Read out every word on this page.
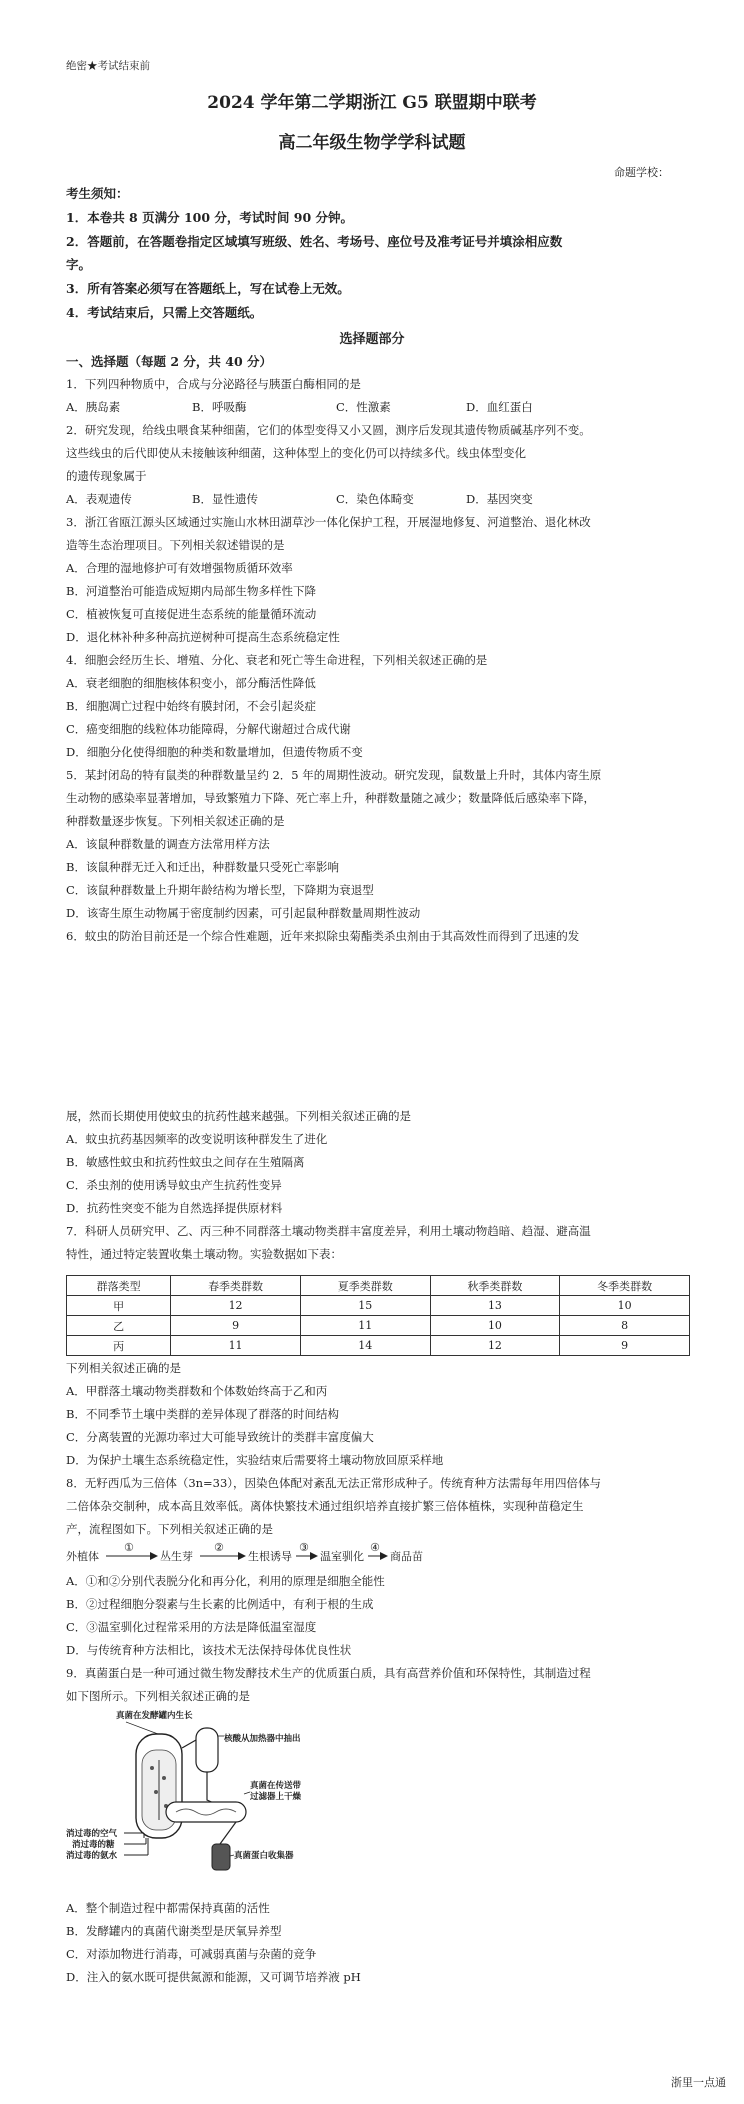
绝密★考试结束前
2024 学年第二学期浙江 G5 联盟期中联考
高二年级生物学学科试题
命题学校：
考生须知：
1．本卷共 8 页满分 100 分，考试时间 90 分钟。
2．答题前，在答题卷指定区域填写班级、姓名、考场号、座位号及准考证号并填涂相应数
字。
3．所有答案必须写在答题纸上，写在试卷上无效。
4．考试结束后，只需上交答题纸。
选择题部分
一、选择题（每题 2 分，共 40 分）
1．下列四种物质中，合成与分泌路径与胰蛋白酶相同的是
A．胰岛素	B．呼吸酶	C．性激素	D．血红蛋白
2．研究发现，给线虫喂食某种细菌，它们的体型变得又小又圆，测序后发现其遗传物质碱基序列不变。
这些线虫的后代即使从未接触该种细菌，这种体型上的变化仍可以持续多代。线虫体型变化
的遗传现象属于
A．表观遗传	B．显性遗传	C．染色体畸变	D．基因突变
3．浙江省瓯江源头区域通过实施山水林田湖草沙一体化保护工程，开展湿地修复、河道整治、退化林改
造等生态治理项目。下列相关叙述错误的是
A．合理的湿地修护可有效增强物质循环效率
B．河道整治可能造成短期内局部生物多样性下降
C．植被恢复可直接促进生态系统的能量循环流动
D．退化林补种多种高抗逆树种可提高生态系统稳定性
4．细胞会经历生长、增殖、分化、衰老和死亡等生命进程，下列相关叙述正确的是
A．衰老细胞的细胞核体积变小，部分酶活性降低
B．细胞凋亡过程中始终有膜封闭，不会引起炎症
C．癌变细胞的线粒体功能障碍，分解代谢超过合成代谢
D．细胞分化使得细胞的种类和数量增加，但遗传物质不变
5．某封闭岛的特有鼠类的种群数量呈约 2．5 年的周期性波动。研究发现，鼠数量上升时，其体内寄生原
生动物的感染率显著增加，导致繁殖力下降、死亡率上升，种群数量随之减少；数量降低后感染率下降，
种群数量逐步恢复。下列相关叙述正确的是
A．该鼠种群数量的调查方法常用样方法
B．该鼠种群无迁入和迁出，种群数量只受死亡率影响
C．该鼠种群数量上升期年龄结构为增长型，下降期为衰退型
D．该寄生原生动物属于密度制约因素，可引起鼠种群数量周期性波动
6．蚊虫的防治目前还是一个综合性难题，近年来拟除虫菊酯类杀虫剂由于其高效性而得到了迅速的发
展，然而长期使用使蚊虫的抗药性越来越强。下列相关叙述正确的是
A．蚊虫抗药基因频率的改变说明该种群发生了进化
B．敏感性蚊虫和抗药性蚊虫之间存在生殖隔离
C．杀虫剂的使用诱导蚊虫产生抗药性变异
D．抗药性突变不能为自然选择提供原材料
7．科研人员研究甲、乙、丙三种不同群落土壤动物类群丰富度差异，利用土壤动物趋暗、趋湿、避高温
特性，通过特定装置收集土壤动物。实验数据如下表：
群落类型	春季类群数	夏季类群数	秋季类群数	冬季类群数
甲	12	15	13	10
乙	9	11	10	8
丙	11	14	12	9
下列相关叙述正确的是
A．甲群落土壤动物类群数和个体数始终高于乙和丙
B．不同季节土壤中类群的差异体现了群落的时间结构
C．分离装置的光源功率过大可能导致统计的类群丰富度偏大
D．为保护土壤生态系统稳定性，实验结束后需要将土壤动物放回原采样地
8．无籽西瓜为三倍体（3n=33），因染色体配对紊乱无法正常形成种子。传统育种方法需每年用四倍体与
二倍体杂交制种，成本高且效率低。离体快繁技术通过组织培养直接扩繁三倍体植株，实现种苗稳定生
产，流程图如下。下列相关叙述正确的是
外植体
①
丛生芽
②
生根诱导
③
温室驯化
④
商品苗
A．①和②分别代表脱分化和再分化，利用的原理是细胞全能性
B．②过程细胞分裂素与生长素的比例适中，有利于根的生成
C．③温室驯化过程常采用的方法是降低温室湿度
D．与传统育种方法相比，该技术无法保持母体优良性状
9．真菌蛋白是一种可通过微生物发酵技术生产的优质蛋白质，具有高营养价值和环保特性，其制造过程
如下图所示。下列相关叙述正确的是
真菌在发酵罐内生长
核酸从加热器中抽出
真菌在传送带
过滤器上干燥
消过毒的空气
消过毒的糖
消过毒的氨水	真菌蛋白收集器
A．整个制造过程中都需保持真菌的活性
B．发酵罐内的真菌代谢类型是厌氧异养型
C．对添加物进行消毒，可减弱真菌与杂菌的竞争
D．注入的氨水既可提供氮源和能源，又可调节培养液 pH
浙里一点通
